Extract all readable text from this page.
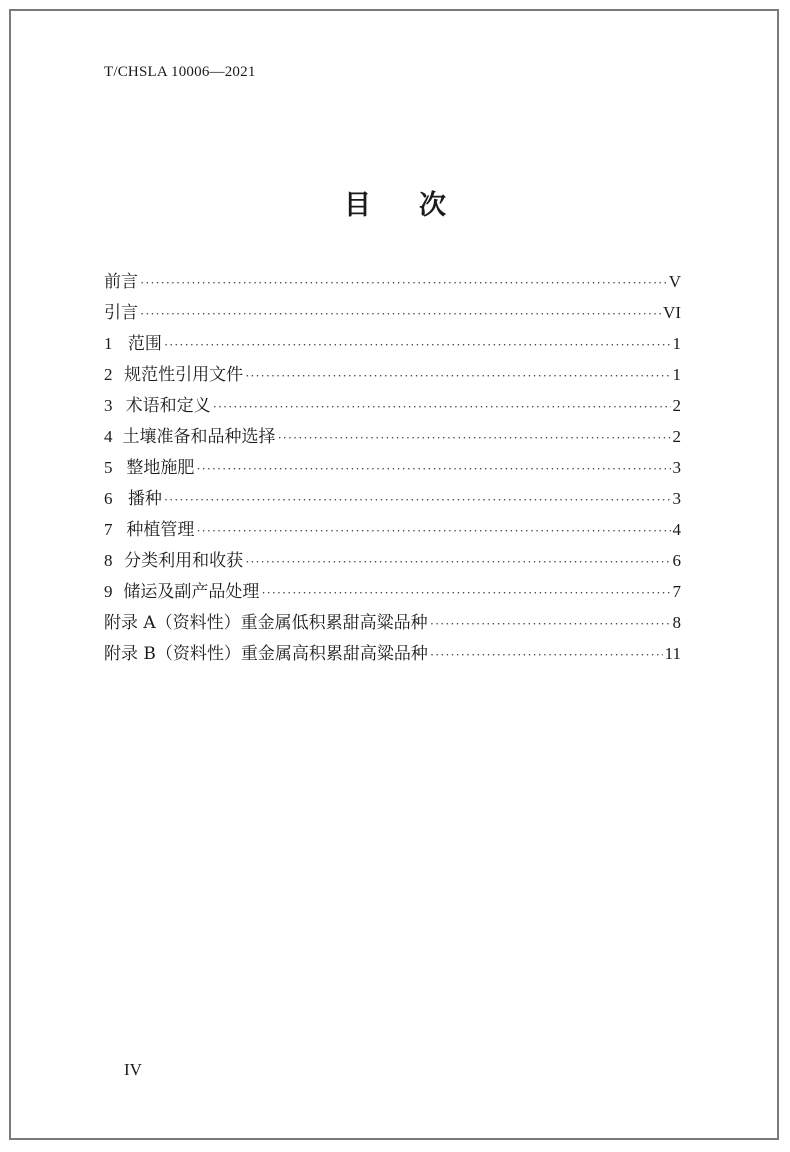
T/CHSLA 10006—2021
目 次
前言 ·····	V
引言 ·····	VI
1 范围 ·····	1
2 规范性引用文件 ·····	1
3 术语和定义 ·····	2
4 土壤准备和品种选择 ·····	2
5 整地施肥 ·····	3
6 播种 ·····	3
7 种植管理 ·····	4
8 分类利用和收获 ·····	6
9 储运及副产品处理 ·····	7
附录 A（资料性）重金属低积累甜高粱品种 ·····	8
附录 B（资料性）重金属高积累甜高粱品种 ·····	11
IV
